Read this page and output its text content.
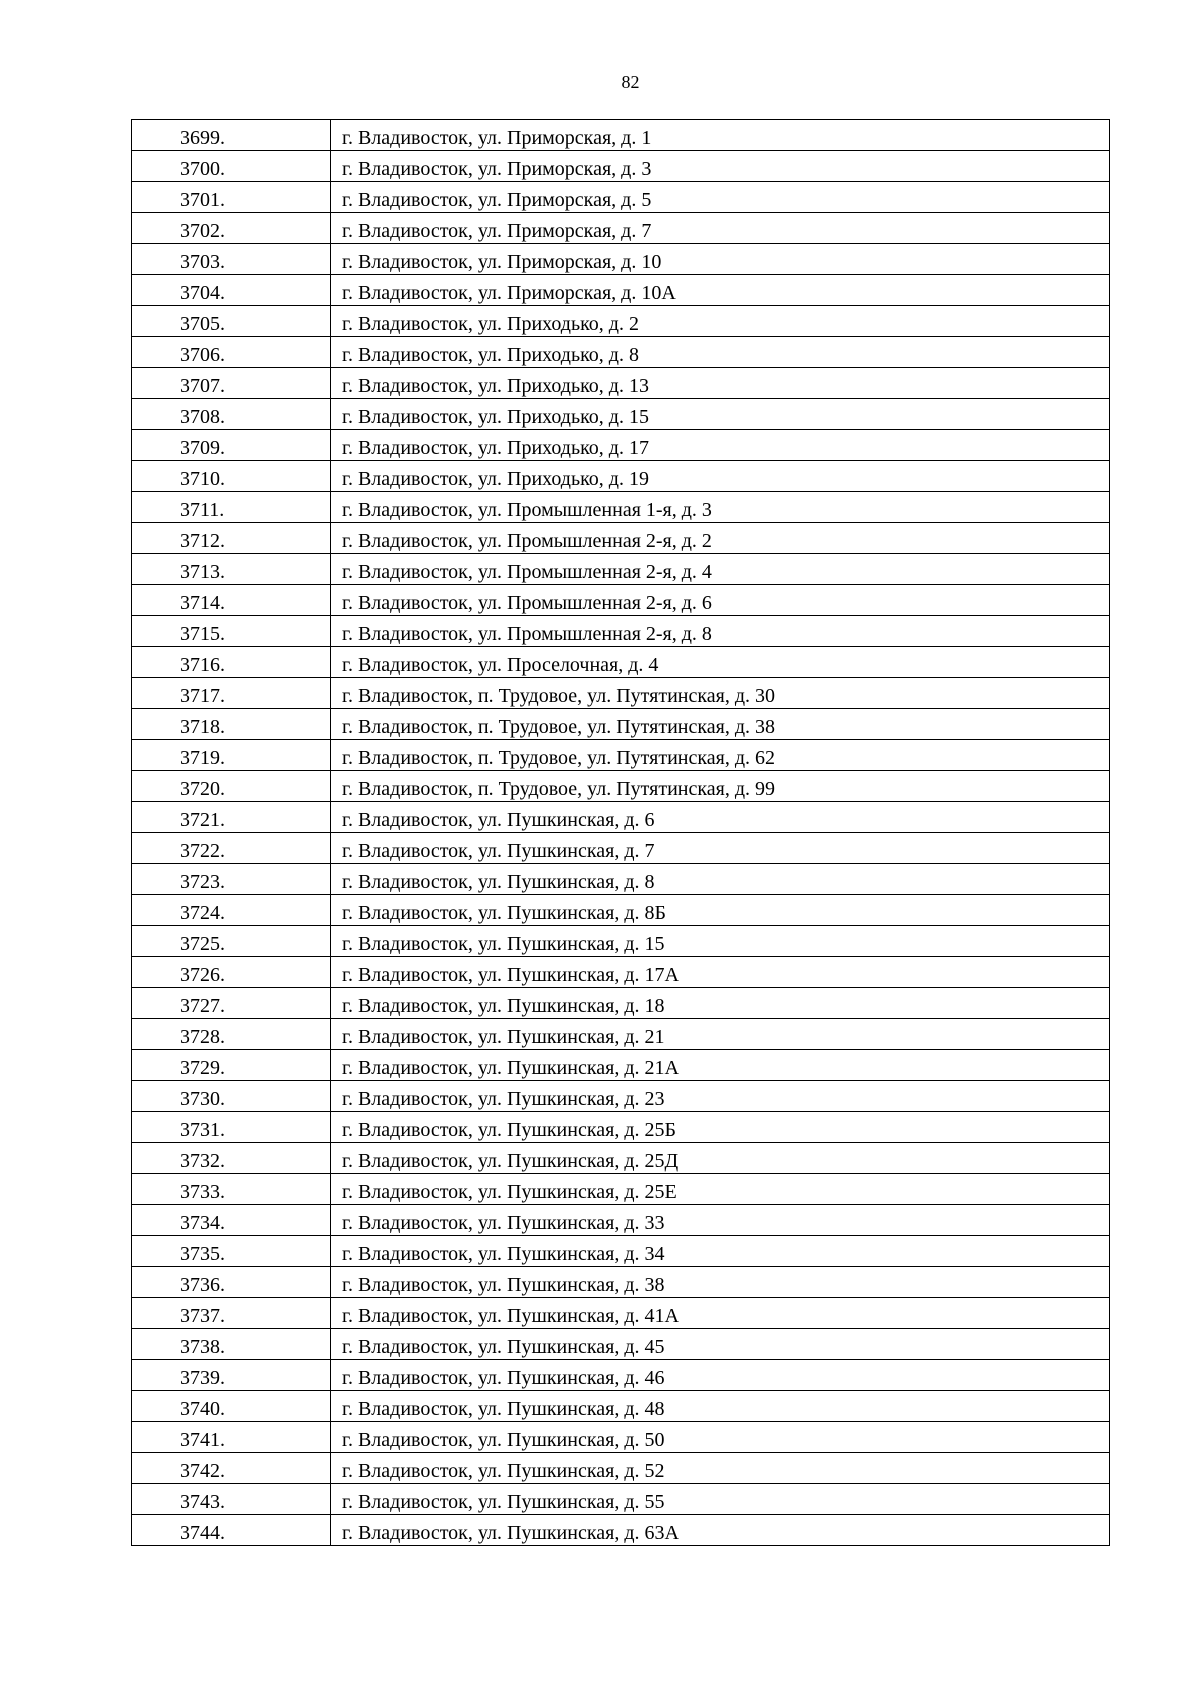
82
3699.	г. Владивосток, ул. Приморская, д. 1
3700.	г. Владивосток, ул. Приморская, д. 3
3701.	г. Владивосток, ул. Приморская, д. 5
3702.	г. Владивосток, ул. Приморская, д. 7
3703.	г. Владивосток, ул. Приморская, д. 10
3704.	г. Владивосток, ул. Приморская, д. 10А
3705.	г. Владивосток, ул. Приходько, д. 2
3706.	г. Владивосток, ул. Приходько, д. 8
3707.	г. Владивосток, ул. Приходько, д. 13
3708.	г. Владивосток, ул. Приходько, д. 15
3709.	г. Владивосток, ул. Приходько, д. 17
3710.	г. Владивосток, ул. Приходько, д. 19
3711.	г. Владивосток, ул. Промышленная 1-я, д. 3
3712.	г. Владивосток, ул. Промышленная 2-я, д. 2
3713.	г. Владивосток, ул. Промышленная 2-я, д. 4
3714.	г. Владивосток, ул. Промышленная 2-я, д. 6
3715.	г. Владивосток, ул. Промышленная 2-я, д. 8
3716.	г. Владивосток, ул. Проселочная, д. 4
3717.	г. Владивосток, п. Трудовое, ул. Путятинская, д. 30
3718.	г. Владивосток, п. Трудовое, ул. Путятинская, д. 38
3719.	г. Владивосток, п. Трудовое, ул. Путятинская, д. 62
3720.	г. Владивосток, п. Трудовое, ул. Путятинская, д. 99
3721.	г. Владивосток, ул. Пушкинская, д. 6
3722.	г. Владивосток, ул. Пушкинская, д. 7
3723.	г. Владивосток, ул. Пушкинская, д. 8
3724.	г. Владивосток, ул. Пушкинская, д. 8Б
3725.	г. Владивосток, ул. Пушкинская, д. 15
3726.	г. Владивосток, ул. Пушкинская, д. 17А
3727.	г. Владивосток, ул. Пушкинская, д. 18
3728.	г. Владивосток, ул. Пушкинская, д. 21
3729.	г. Владивосток, ул. Пушкинская, д. 21А
3730.	г. Владивосток, ул. Пушкинская, д. 23
3731.	г. Владивосток, ул. Пушкинская, д. 25Б
3732.	г. Владивосток, ул. Пушкинская, д. 25Д
3733.	г. Владивосток, ул. Пушкинская, д. 25Е
3734.	г. Владивосток, ул. Пушкинская, д. 33
3735.	г. Владивосток, ул. Пушкинская, д. 34
3736.	г. Владивосток, ул. Пушкинская, д. 38
3737.	г. Владивосток, ул. Пушкинская, д. 41А
3738.	г. Владивосток, ул. Пушкинская, д. 45
3739.	г. Владивосток, ул. Пушкинская, д. 46
3740.	г. Владивосток, ул. Пушкинская, д. 48
3741.	г. Владивосток, ул. Пушкинская, д. 50
3742.	г. Владивосток, ул. Пушкинская, д. 52
3743.	г. Владивосток, ул. Пушкинская, д. 55
3744.	г. Владивосток, ул. Пушкинская, д. 63А
